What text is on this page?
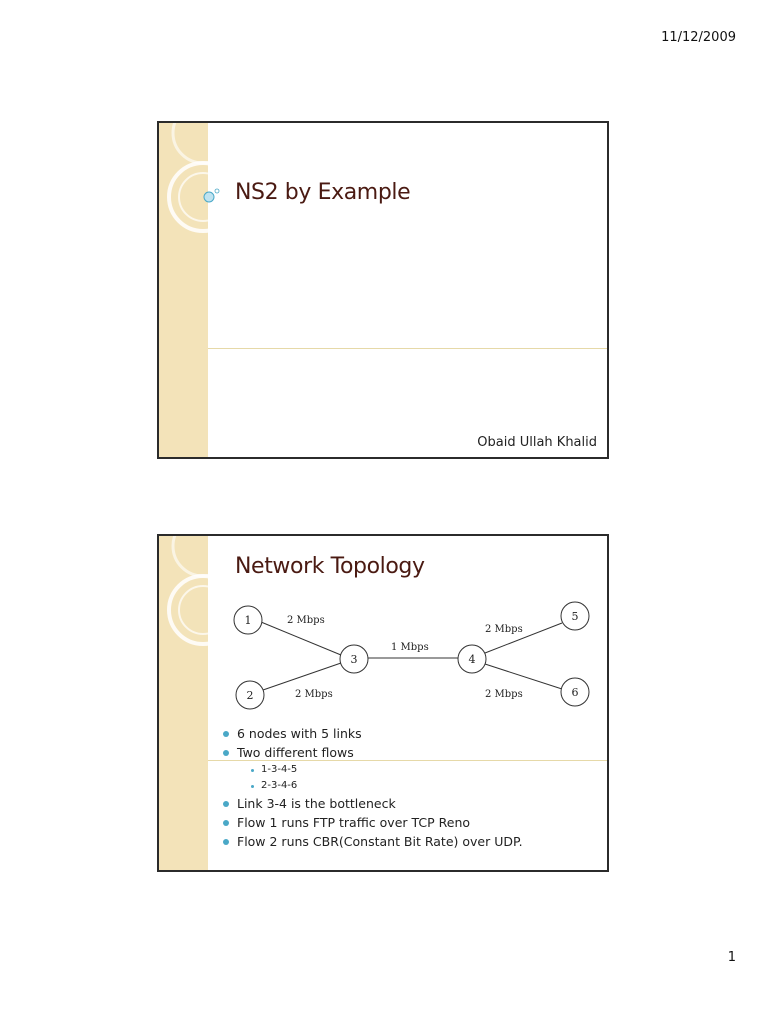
11/12/2009
NS2 by Example
Obaid Ullah Khalid
Network Topology
1
2
3	4
5
6
2 Mbps
2 Mbps
1 Mbps
2 Mbps
2 Mbps
6 nodes with 5 links
Two different flows
1-3-4-5
2-3-4-6
Link 3-4 is the bottleneck
Flow 1 runs FTP traffic over TCP Reno
Flow 2 runs CBR(Constant Bit Rate) over UDP.
1
